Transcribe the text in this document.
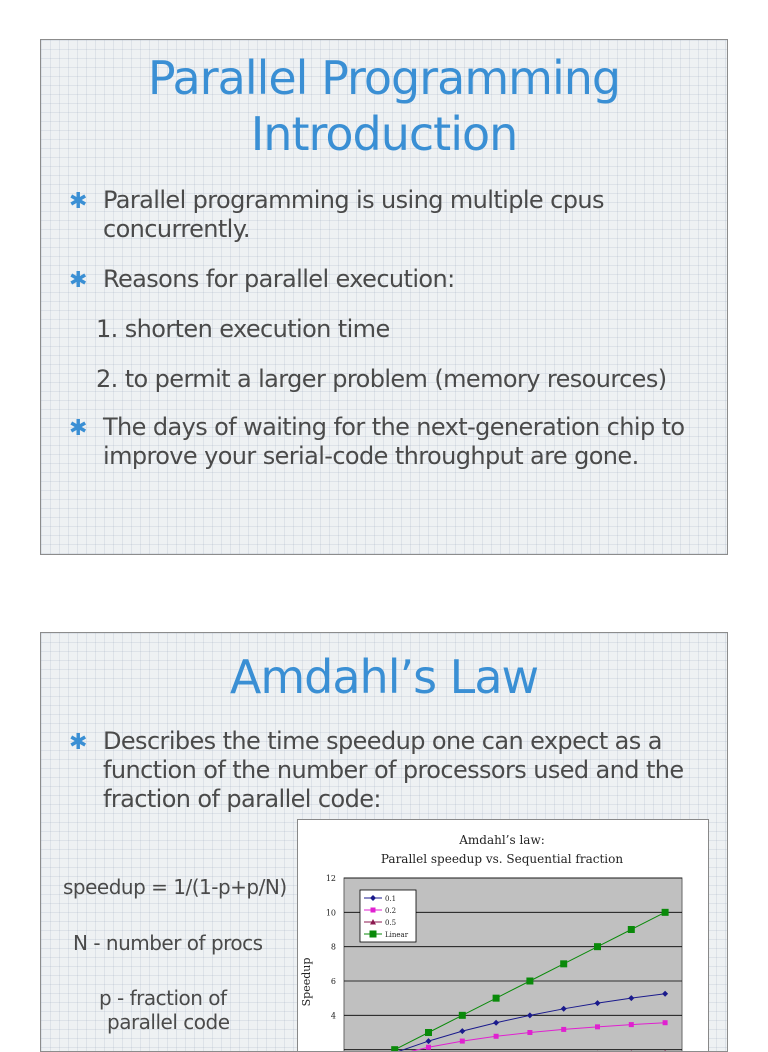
Parallel Programming
Introduction
✱ Parallel programming is using multiple cpus concurrently.
✱ Reasons for parallel execution:
1. shorten execution time
2. to permit a larger problem (memory resources)
✱ The days of waiting for the next-generation chip to improve your serial-code throughput are gone.
Amdahl’s Law
✱ Describes the time speedup one can expect as a function of the number of processors used and the fraction of parallel code:
speedup = 1/(1-p+p/N)
N - number of procs
p - fraction of
parallel code
Amdahl’s law:
Parallel speedup vs. Sequential fraction
Speedup
4
6
8
10
12
0.1
0.2
0.5
Linear
